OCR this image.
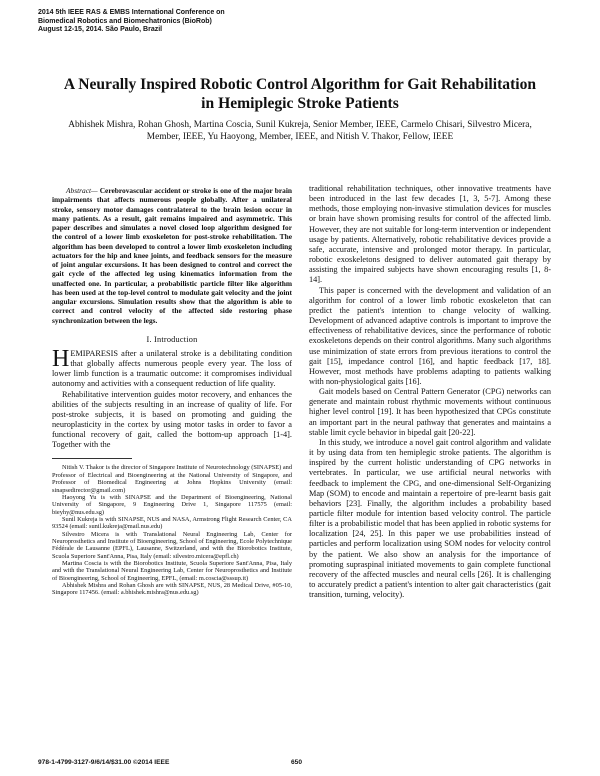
2014 5th IEEE RAS & EMBS International Conference on
Biomedical Robotics and Biomechatronics (BioRob)
August 12-15, 2014. São Paulo, Brazil
A Neurally Inspired Robotic Control Algorithm for Gait Rehabilitation in Hemiplegic Stroke Patients
Abhishek Mishra, Rohan Ghosh, Martina Coscia, Sunil Kukreja, Senior Member, IEEE, Carmelo Chisari, Silvestro Micera, Member, IEEE, Yu Haoyong, Member, IEEE, and Nitish V. Thakor, Fellow, IEEE

Abstract— Cerebrovascular accident or stroke is one of the major brain impairments that affects numerous people globally. After a unilateral stroke, sensory motor damages contralateral to the brain lesion occur in many patients. As a result, gait remains impaired and asymmetric. This paper describes and simulates a novel closed loop algorithm designed for the control of a lower limb exoskeleton for post-stroke rehabilitation. The algorithm has been developed to control a lower limb exoskeleton including actuators for the hip and knee joints, and feedback sensors for the measure of joint angular excursions. It has been designed to control and correct the gait cycle of the affected leg using kinematics information from the unaffected one. In particular, a probabilistic particle filter like algorithm has been used at the top-level control to modulate gait velocity and the joint angular excursions. Simulation results show that the algorithm is able to correct and control velocity of the affected side restoring phase synchronization between the legs.

I. Introduction

HEMIPARESIS after a unilateral stroke is a debilitating condition that globally affects numerous people every year. The loss of lower limb function is a traumatic outcome: it compromises individual autonomy and activities with a consequent reduction of life quality.

Rehabilitative intervention guides motor recovery, and enhances the abilities of the subjects resulting in an increase of quality of life. For post-stroke subjects, it is based on promoting and guiding the neuroplasticity in the cortex by using motor tasks in order to favor a functional recovery of gait, called the bottom-up approach [1-4]. Together with the

Nitish V. Thakor is the director of Singapore Institute of Neurotechnology (SINAPSE) and Professor of Electrical and Bioengineering at the National University of Singapore, and Professor of Biomedical Engineering at Johns Hopkins University (email: sinapsedirector@gmail.com)

Haoyong Yu is with SINAPSE and the Department of Bioengineering, National University of Singapore, 9 Engineering Drive 1, Singapore 117575 (email: bieyhy@nus.edu.sg)

Sunil Kukreja is with SINAPSE, NUS and NASA, Armstrong Flight Research Center, CA 93524 (email: sunil.kukreja@mail.nus.edu)

Silvestro Micera is with Translational Neural Engineering Lab, Center for Neuroprosthetics and Institute of Bioengineering, School of Engineering, Ecole Polytechnique Fédérale de Lausanne (EPFL), Lausanne, Switzerland, and with the Biorobotics Institute, Scuola Superiore Sant'Anna, Pisa, Italy (email: silvestro.micera@epfl.ch)

Martina Coscia is with the Biorobotics Institute, Scuola Superiore Sant'Anna, Pisa, Italy and with the Translational Neural Engineering Lab, Center for Neuroprosthetics and Institute of Bioengineering, School of Engineering, EPFL, (email: m.coscia@sssup.it)

Abhishek Mishra and Rohan Ghosh are with SINAPSE, NUS, 28 Medical Drive, #05-10, Singapore 117456. (email: a.bhishek.mishra@nus.edu.sg)

traditional rehabilitation techniques, other innovative treatments have been introduced in the last few decades [1, 3, 5-7]. Among these methods, those employing non-invasive stimulation devices for muscles or brain have shown promising results for control of the affected limb. However, they are not suitable for long-term intervention or independent usage by patients. Alternatively, robotic rehabilitative devices provide a safe, accurate, intensive and prolonged motor therapy. In particular, robotic exoskeletons designed to deliver automated gait therapy by assisting the impaired subjects have shown encouraging results [1, 8-14].

This paper is concerned with the development and validation of an algorithm for control of a lower limb robotic exoskeleton that can predict the patient's intention to change velocity of walking. Development of advanced adaptive controls is important to improve the effectiveness of rehabilitative devices, since the performance of robotic exoskeletons depends on their control algorithms. Many such algorithms use minimization of state errors from previous iterations to control the gait [15], impedance control [16], and haptic feedback [17, 18]. However, most methods have problems adapting to patients walking with non-physiological gaits [16].

Gait models based on Central Pattern Generator (CPG) networks can generate and maintain robust rhythmic movements without continuous higher level control [19]. It has been hypothesized that CPGs constitute an important part in the neural pathway that generates and maintains a stable limit cycle behavior in bipedal gait [20-22].

In this study, we introduce a novel gait control algorithm and validate it by using data from ten hemiplegic stroke patients. The algorithm is inspired by the current holistic understanding of CPG networks in vertebrates. In particular, we use artificial neural networks with feedback to implement the CPG, and one-dimensional Self-Organizing Map (SOM) to encode and maintain a repertoire of pre-learnt basis gait behaviors [23]. Finally, the algorithm includes a probability based particle filter module for intention based velocity control. The particle filter is a probabilistic model that has been applied in robotic systems for localization [24, 25]. In this paper we use probabilities instead of particles and perform localization using SOM nodes for velocity control by the patient. We also show an analysis for the importance of promoting supraspinal initiated movements to gain complete functional recovery of the affected muscles and neural cells [26]. It is challenging to accurately predict a patient's intention to alter gait characteristics (gait transition, turning, velocity).

978-1-4799-3127-9/6/14/$31.00 ©2014 IEEE	650
